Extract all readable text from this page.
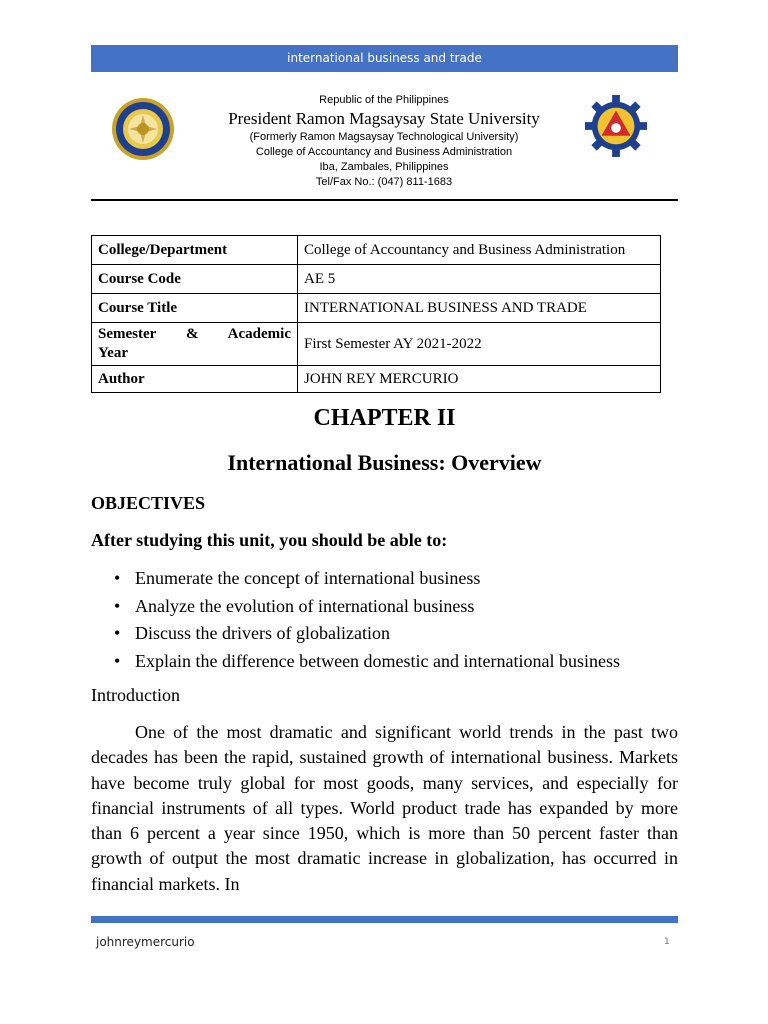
international business and trade
Republic of the Philippines
President Ramon Magsaysay State University
(Formerly Ramon Magsaysay Technological University)
College of Accountancy and Business Administration
Iba, Zambales, Philippines
Tel/Fax No.: (047) 811-1683
College/Department	College of Accountancy and Business Administration
Course Code	AE 5
Course Title	INTERNATIONAL BUSINESS AND TRADE

Semester & Academic
Year	First Semester AY 2021-2022
Author	JOHN REY MERCURIO
CHAPTER II
International Business: Overview
OBJECTIVES
After studying this unit, you should be able to:
• Enumerate the concept of international business
• Analyze the evolution of international business
• Discuss the drivers of globalization
• Explain the difference between domestic and international business
Introduction

One of the most dramatic and significant world trends in the past two decades has been the rapid, sustained growth of international business. Markets have become truly global for most goods, many services, and especially for financial instruments of all types. World product trade has expanded by more than 6 percent a year since 1950, which is more than 50 percent faster than growth of output the most dramatic increase in globalization, has occurred in financial markets. In

johnreymercurio	1
